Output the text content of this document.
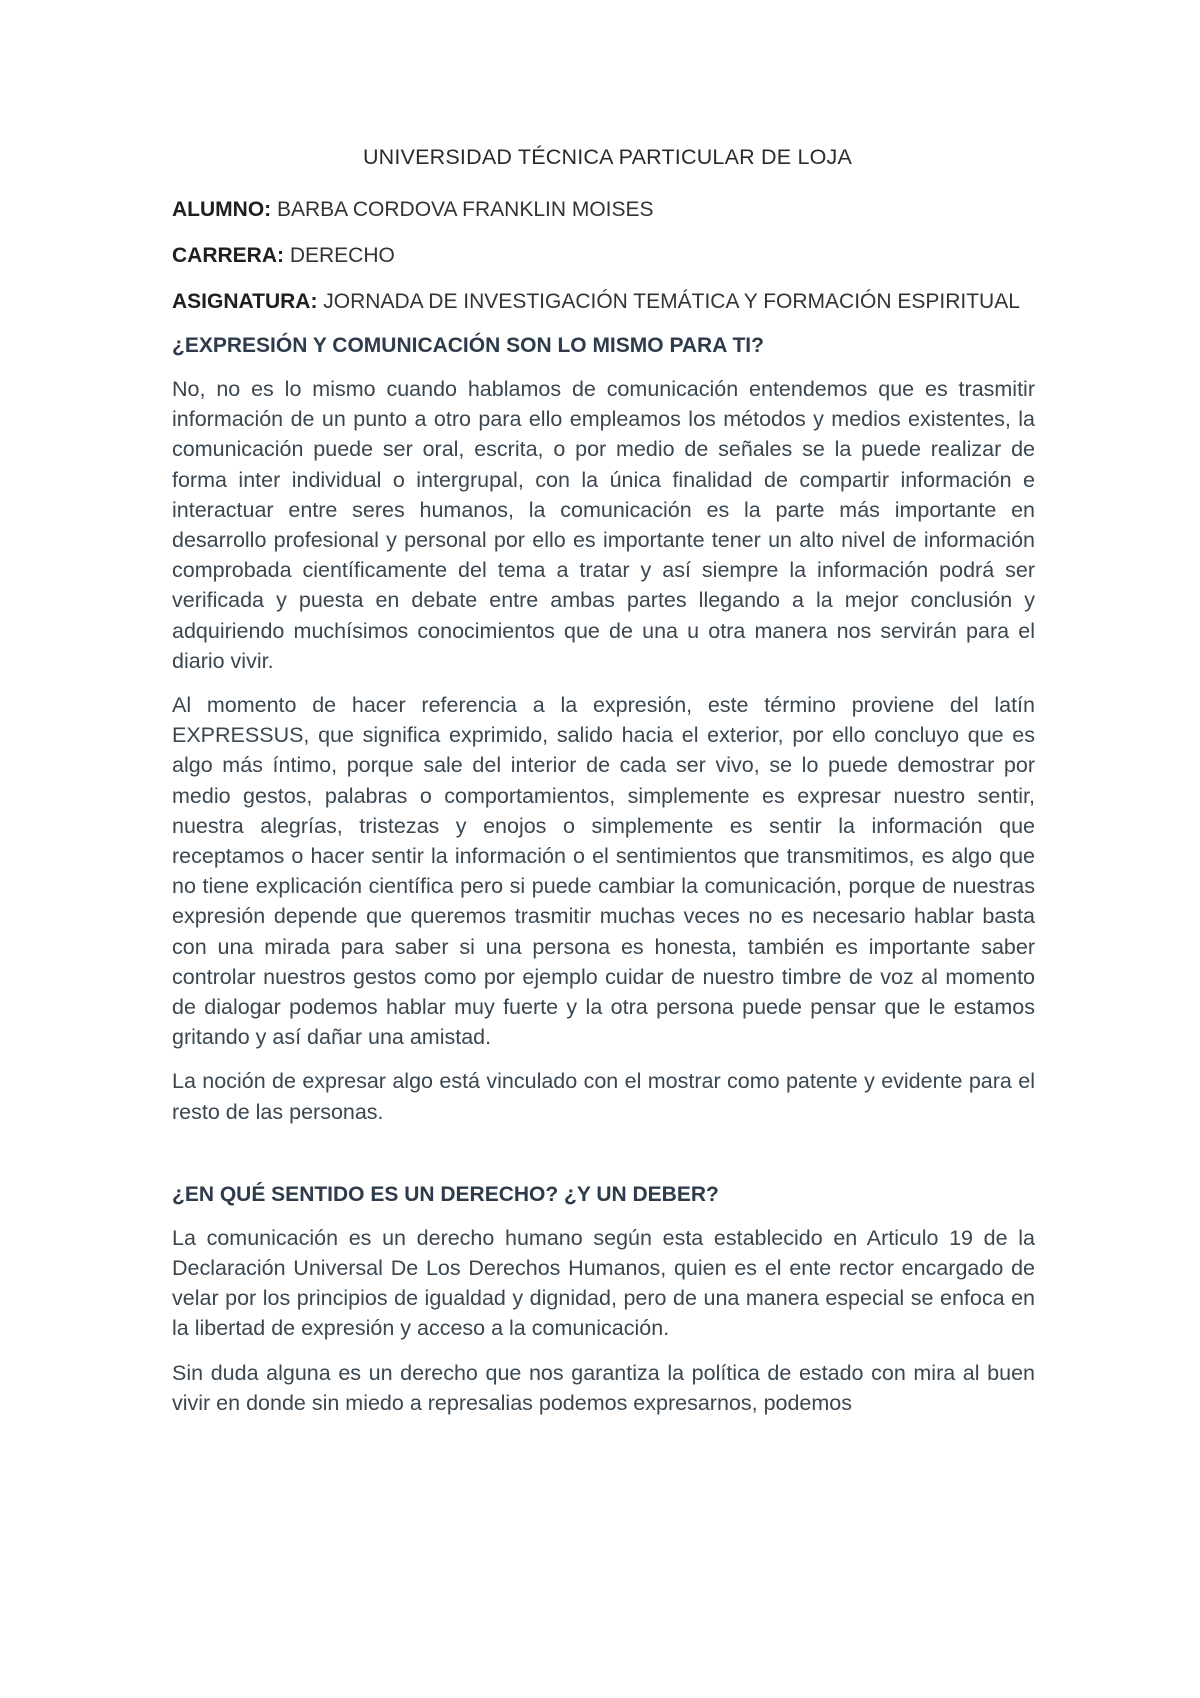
UNIVERSIDAD TÉCNICA PARTICULAR DE LOJA
ALUMNO: BARBA CORDOVA FRANKLIN MOISES
CARRERA: DERECHO
ASIGNATURA: JORNADA DE INVESTIGACIÓN TEMÁTICA Y FORMACIÓN ESPIRITUAL
¿EXPRESIÓN Y COMUNICACIÓN SON LO MISMO PARA TI?

No, no es lo mismo cuando hablamos de comunicación entendemos que es trasmitir información de un punto a otro para ello empleamos los métodos y medios existentes, la comunicación puede ser oral, escrita, o por medio de señales se la puede realizar de forma inter individual o intergrupal, con la única finalidad de compartir información e interactuar entre seres humanos, la comunicación es la parte más importante en desarrollo profesional y personal por ello es importante tener un alto nivel de información comprobada científicamente del tema a tratar y así siempre la información podrá ser verificada y puesta en debate entre ambas partes llegando a la mejor conclusión y adquiriendo muchísimos conocimientos que de una u otra manera nos servirán para el diario vivir.

Al momento de hacer referencia a la expresión, este término proviene del latín EXPRESSUS, que significa exprimido, salido hacia el exterior, por ello concluyo que es algo más íntimo, porque sale del interior de cada ser vivo, se lo puede demostrar por medio gestos, palabras o comportamientos, simplemente es expresar nuestro sentir, nuestra alegrías, tristezas y enojos o simplemente es sentir la información que receptamos o hacer sentir la información o el sentimientos que transmitimos, es algo que no tiene explicación científica pero si puede cambiar la comunicación, porque de nuestras expresión depende que queremos trasmitir muchas veces no es necesario hablar basta con una mirada para saber si una persona es honesta, también es importante saber controlar nuestros gestos como por ejemplo cuidar de nuestro timbre de voz al momento de dialogar podemos hablar muy fuerte y la otra persona puede pensar que le estamos gritando y así dañar una amistad.

La noción de expresar algo está vinculado con el mostrar como patente y evidente para el resto de las personas.

¿EN QUÉ SENTIDO ES UN DERECHO? ¿Y UN DEBER?

La comunicación es un derecho humano según esta establecido en Articulo 19 de la Declaración Universal De Los Derechos Humanos, quien es el ente rector encargado de velar por los principios de igualdad y dignidad, pero de una manera especial se enfoca en la libertad de expresión y acceso a la comunicación.

Sin duda alguna es un derecho que nos garantiza la política de estado con mira al buen vivir en donde sin miedo a represalias podemos expresarnos, podemos
